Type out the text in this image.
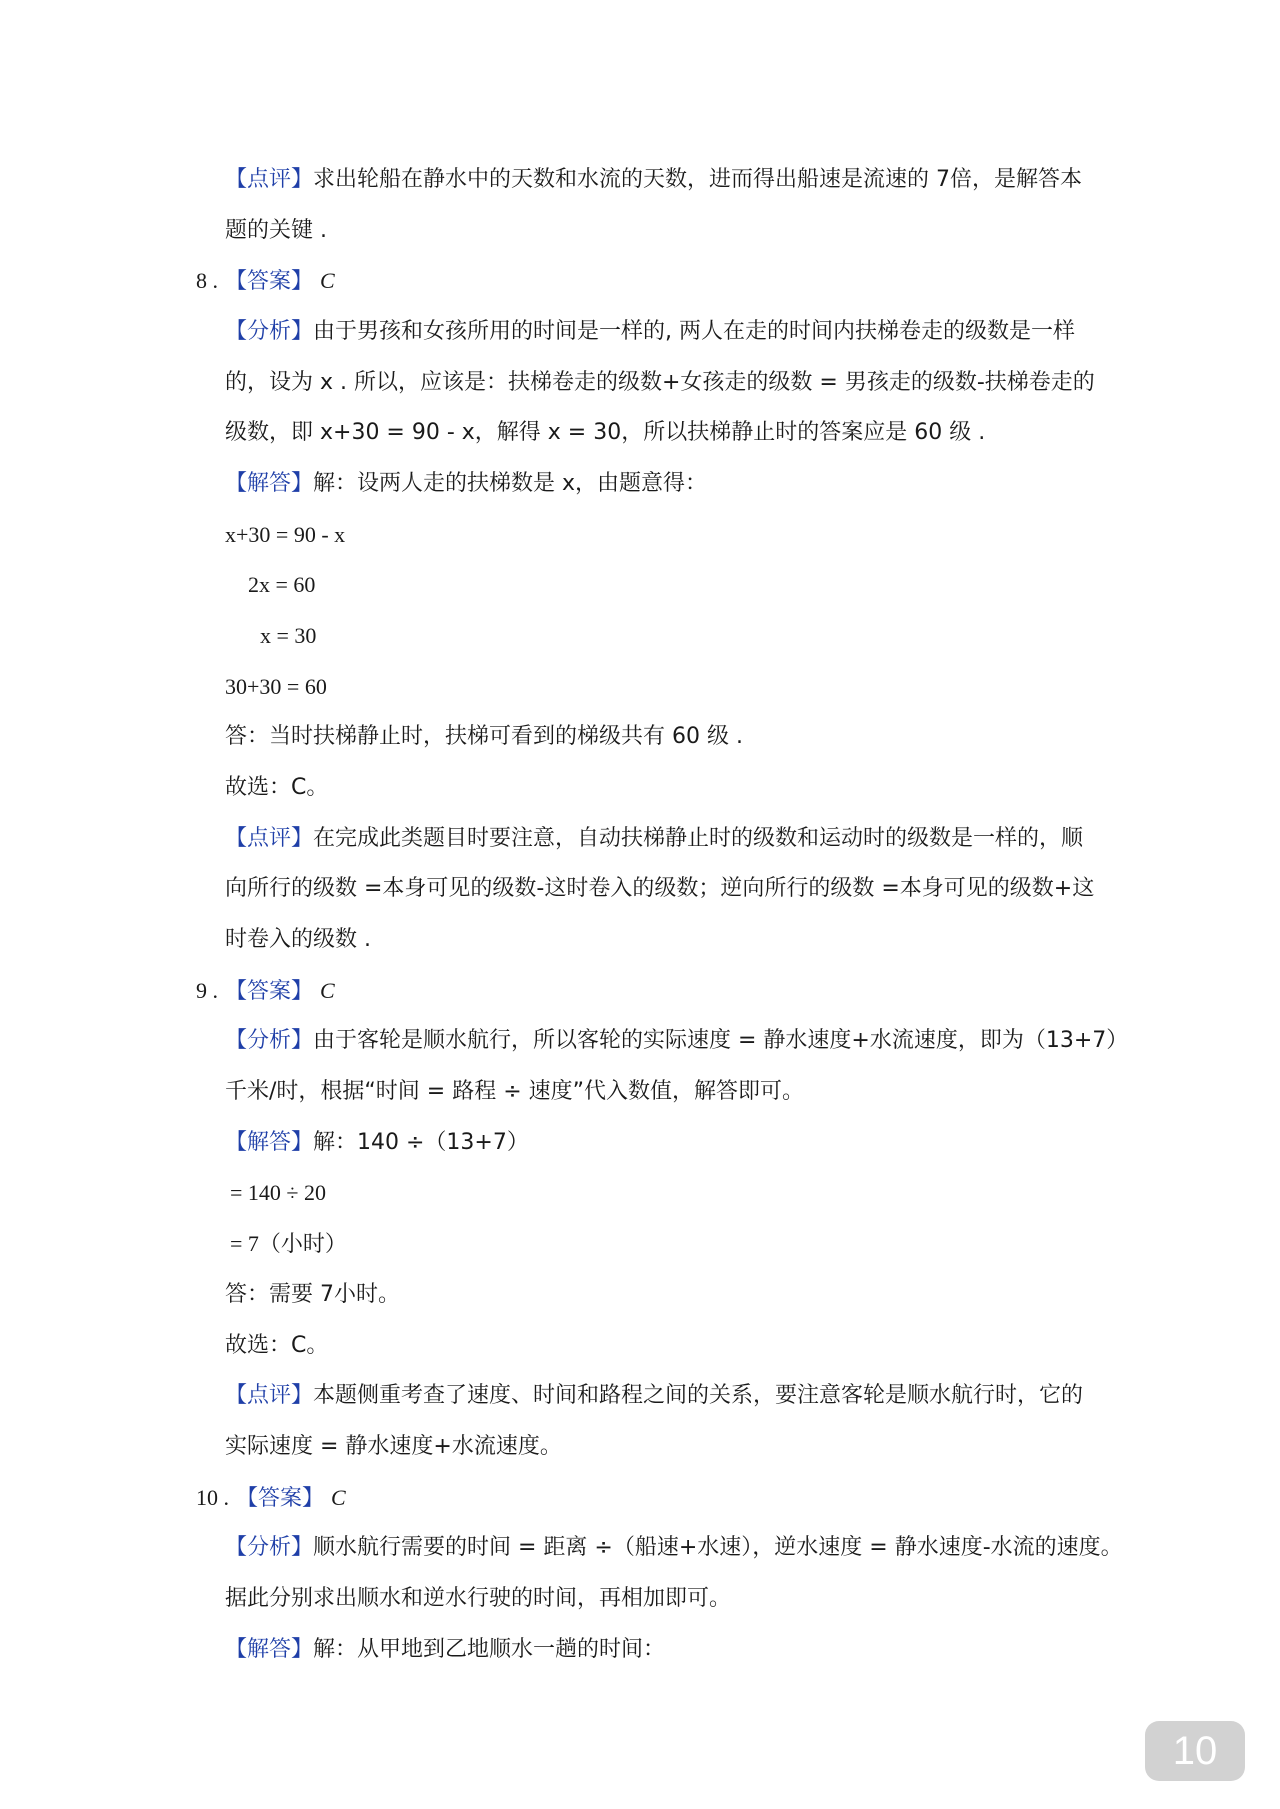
【点评】求出轮船在静水中的天数和水流的天数，进而得出船速是流速的 7倍，是解答本
题的关键 .
8 . 【答案】 C
【分析】由于男孩和女孩所用的时间是一样的, 两人在走的时间内扶梯卷走的级数是一样
的，设为 x . 所以，应该是：扶梯卷走的级数+女孩走的级数 = 男孩走的级数-扶梯卷走的
级数，即 x+30 = 90 - x，解得 x = 30，所以扶梯静止时的答案应是 60 级 .
【解答】解：设两人走的扶梯数是 x，由题意得：
x+30 = 90 - x
2x = 60
x = 30
30+30 = 60
答：当时扶梯静止时，扶梯可看到的梯级共有 60 级 .
故选：C。
【点评】在完成此类题目时要注意，自动扶梯静止时的级数和运动时的级数是一样的，顺
向所行的级数 =本身可见的级数-这时卷入的级数；逆向所行的级数 =本身可见的级数+这
时卷入的级数 .
9 . 【答案】 C
【分析】由于客轮是顺水航行，所以客轮的实际速度 = 静水速度+水流速度，即为（13+7）
千米/时，根据“时间 = 路程 ÷ 速度”代入数值，解答即可。
【解答】解：140 ÷（13+7）
= 140 ÷ 20
= 7（小时）
答：需要 7小时。
故选：C。
【点评】本题侧重考查了速度、时间和路程之间的关系，要注意客轮是顺水航行时，它的
实际速度 = 静水速度+水流速度。
10 . 【答案】 C
【分析】顺水航行需要的时间 = 距离 ÷（船速+水速），逆水速度 = 静水速度-水流的速度。
据此分别求出顺水和逆水行驶的时间，再相加即可。
【解答】解：从甲地到乙地顺水一趟的时间：
10
